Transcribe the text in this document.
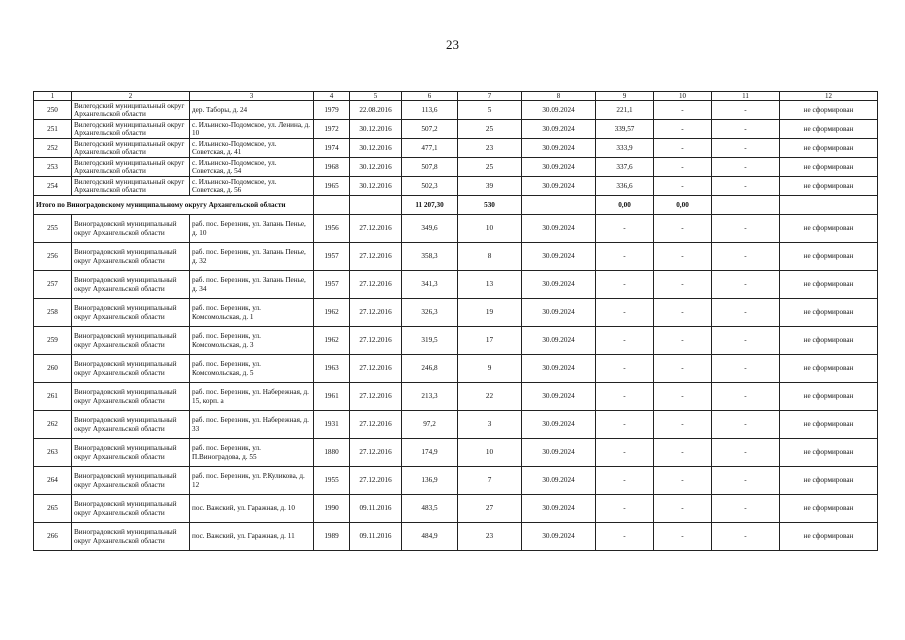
23
1	2	3	4	5	6	7	8	9	10	11	12
250	Вилегодский муниципальный округ Архангельской области	дер. Таборы, д. 24	1979	22.08.2016	113,6	5	30.09.2024	221,1	-	-	не сформирован
251	Вилегодский муниципальный округ Архангельской области	с. Ильинско-Подомское, ул. Ленина, д. 10	1972	30.12.2016	507,2	25	30.09.2024	339,57	-	-	не сформирован
252	Вилегодский муниципальный округ Архангельской области	с. Ильинско-Подомское, ул. Советская, д. 41	1974	30.12.2016	477,1	23	30.09.2024	333,9	-	-	не сформирован
253	Вилегодский муниципальный округ Архангельской области	с. Ильинско-Подомское, ул. Советская, д. 54	1968	30.12.2016	507,8	25	30.09.2024	337,6	-	-	не сформирован
254	Вилегодский муниципальный округ Архангельской области	с. Ильинско-Подомское, ул. Советская, д. 56	1965	30.12.2016	502,3	39	30.09.2024	336,6	-	-	не сформирован
Итого по Виноградовскому муниципальному округу Архангельской области					11 207,30	530		0,00	0,00		
255	Виноградовский муниципальный округ Архангельской области	раб. пос. Березник, ул. Запань Пенье, д. 10	1956	27.12.2016	349,6	10	30.09.2024	-	-	-	не сформирован
256	Виноградовский муниципальный округ Архангельской области	раб. пос. Березник, ул. Запань Пенье, д. 32	1957	27.12.2016	358,3	8	30.09.2024	-	-	-	не сформирован
257	Виноградовский муниципальный округ Архангельской области	раб. пос. Березник, ул. Запань Пенье, д. 34	1957	27.12.2016	341,3	13	30.09.2024	-	-	-	не сформирован
258	Виноградовский муниципальный округ Архангельской области	раб. пос. Березник, ул. Комсомольская, д. 1	1962	27.12.2016	326,3	19	30.09.2024	-	-	-	не сформирован
259	Виноградовский муниципальный округ Архангельской области	раб. пос. Березник, ул. Комсомольская, д. 3	1962	27.12.2016	319,5	17	30.09.2024	-	-	-	не сформирован
260	Виноградовский муниципальный округ Архангельской области	раб. пос. Березник, ул. Комсомольская, д. 5	1963	27.12.2016	246,8	9	30.09.2024	-	-	-	не сформирован
261	Виноградовский муниципальный округ Архангельской области	раб. пос. Березник, ул. Набережная, д. 15, корп. а	1961	27.12.2016	213,3	22	30.09.2024	-	-	-	не сформирован
262	Виноградовский муниципальный округ Архангельской области	раб. пос. Березник, ул. Набережная, д. 33	1931	27.12.2016	97,2	3	30.09.2024	-	-	-	не сформирован
263	Виноградовский муниципальный округ Архангельской области	раб. пос. Березник, ул. П.Виноградова, д. 55	1880	27.12.2016	174,9	10	30.09.2024	-	-	-	не сформирован
264	Виноградовский муниципальный округ Архангельской области	раб. пос. Березник, ул. Р.Куликова, д. 12	1955	27.12.2016	136,9	7	30.09.2024	-	-	-	не сформирован
265	Виноградовский муниципальный округ Архангельской области	пос. Важский, ул. Гаражная, д. 10	1990	09.11.2016	483,5	27	30.09.2024	-	-	-	не сформирован
266	Виноградовский муниципальный округ Архангельской области	пос. Важский, ул. Гаражная, д. 11	1989	09.11.2016	484,9	23	30.09.2024	-	-	-	не сформирован
